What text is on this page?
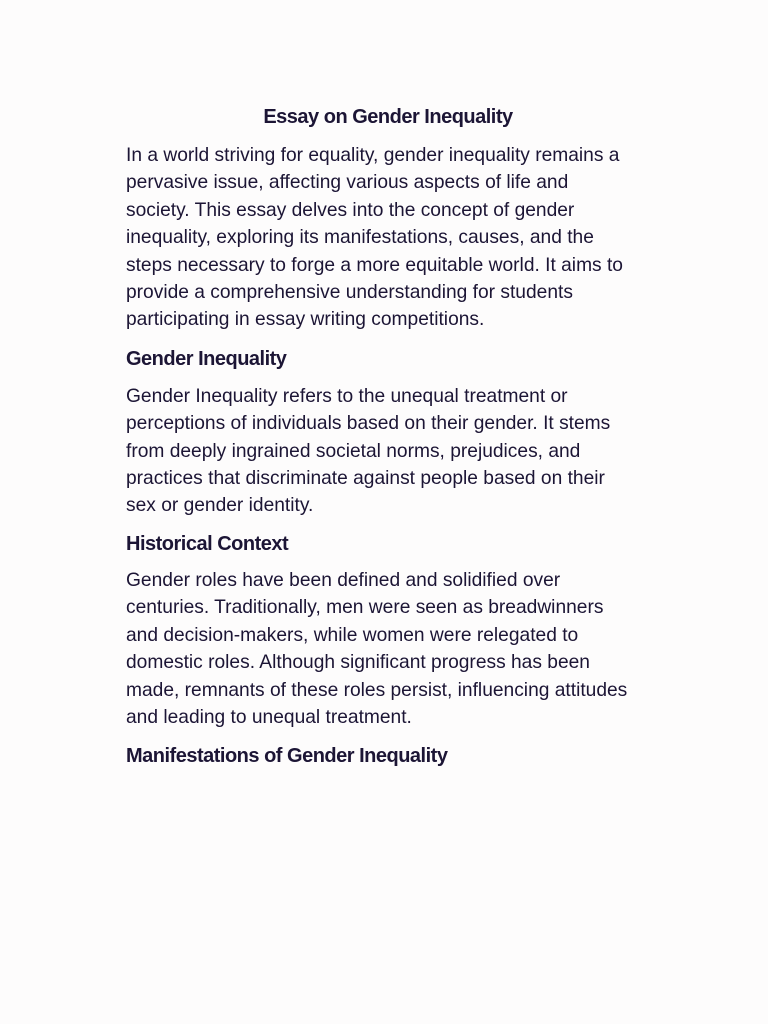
Essay on Gender Inequality

In a world striving for equality, gender inequality remains a pervasive issue, affecting various aspects of life and society. This essay delves into the concept of gender inequality, exploring its manifestations, causes, and the steps necessary to forge a more equitable world. It aims to provide a comprehensive understanding for students participating in essay writing competitions.

Gender Inequality

Gender Inequality refers to the unequal treatment or perceptions of individuals based on their gender. It stems from deeply ingrained societal norms, prejudices, and practices that discriminate against people based on their sex or gender identity.

Historical Context

Gender roles have been defined and solidified over centuries. Traditionally, men were seen as breadwinners and decision-makers, while women were relegated to domestic roles. Although significant progress has been made, remnants of these roles persist, influencing attitudes and leading to unequal treatment.

Manifestations of Gender Inequality
